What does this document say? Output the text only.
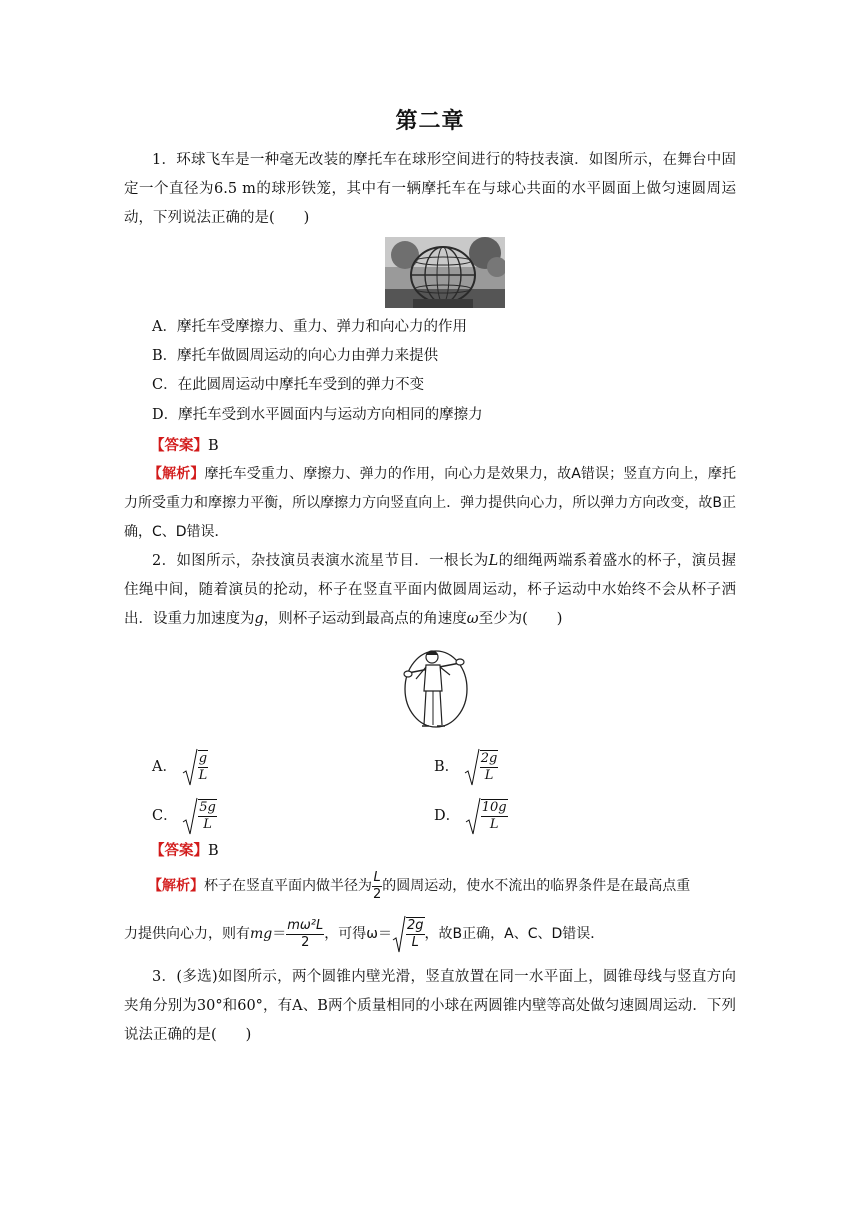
第二章
1．环球飞车是一种毫无改装的摩托车在球形空间进行的特技表演．如图所示，在舞台中固定一个直径为6.5 m的球形铁笼，其中有一辆摩托车在与球心共面的水平圆面上做匀速圆周运动，下列说法正确的是(　　)
A．摩托车受摩擦力、重力、弹力和向心力的作用
B．摩托车做圆周运动的向心力由弹力来提供
C．在此圆周运动中摩托车受到的弹力不变
D．摩托车受到水平圆面内与运动方向相同的摩擦力
【答案】B
【解析】摩托车受重力、摩擦力、弹力的作用，向心力是效果力，故A错误；竖直方向上，摩托力所受重力和摩擦力平衡，所以摩擦力方向竖直向上．弹力提供向心力，所以弹力方向改变，故B正确，C、D错误．
2．如图所示，杂技演员表演水流星节目．一根长为L的细绳两端系着盛水的杯子，演员握住绳中间，随着演员的抡动，杯子在竖直平面内做圆周运动，杯子运动中水始终不会从杯子洒出．设重力加速度为g，则杯子运动到最高点的角速度ω至少为(　　)
A． $\frac{g}{L}$	B． $\frac{2g}{L}$
C． $\frac{5g}{L}$	D． $\frac{10g}{L}$
【答案】B
【解析】杯子在竖直平面内做半径为 $\frac{L}{2}$ 的圆周运动，使水不流出的临界条件是在最高点重
力提供向心力，则有$mg= \frac{\text{mω²L}}{2}$ ，可得$\omega= \frac{2g}{L}$ ，故B正确，A、C、D错误．
3．(多选)如图所示，两个圆锥内壁光滑，竖直放置在同一水平面上，圆锥母线与竖直方向夹角分别为30°和60°，有A、B两个质量相同的小球在两圆锥内壁等高处做匀速圆周运动．下列说法正确的是(　　)
